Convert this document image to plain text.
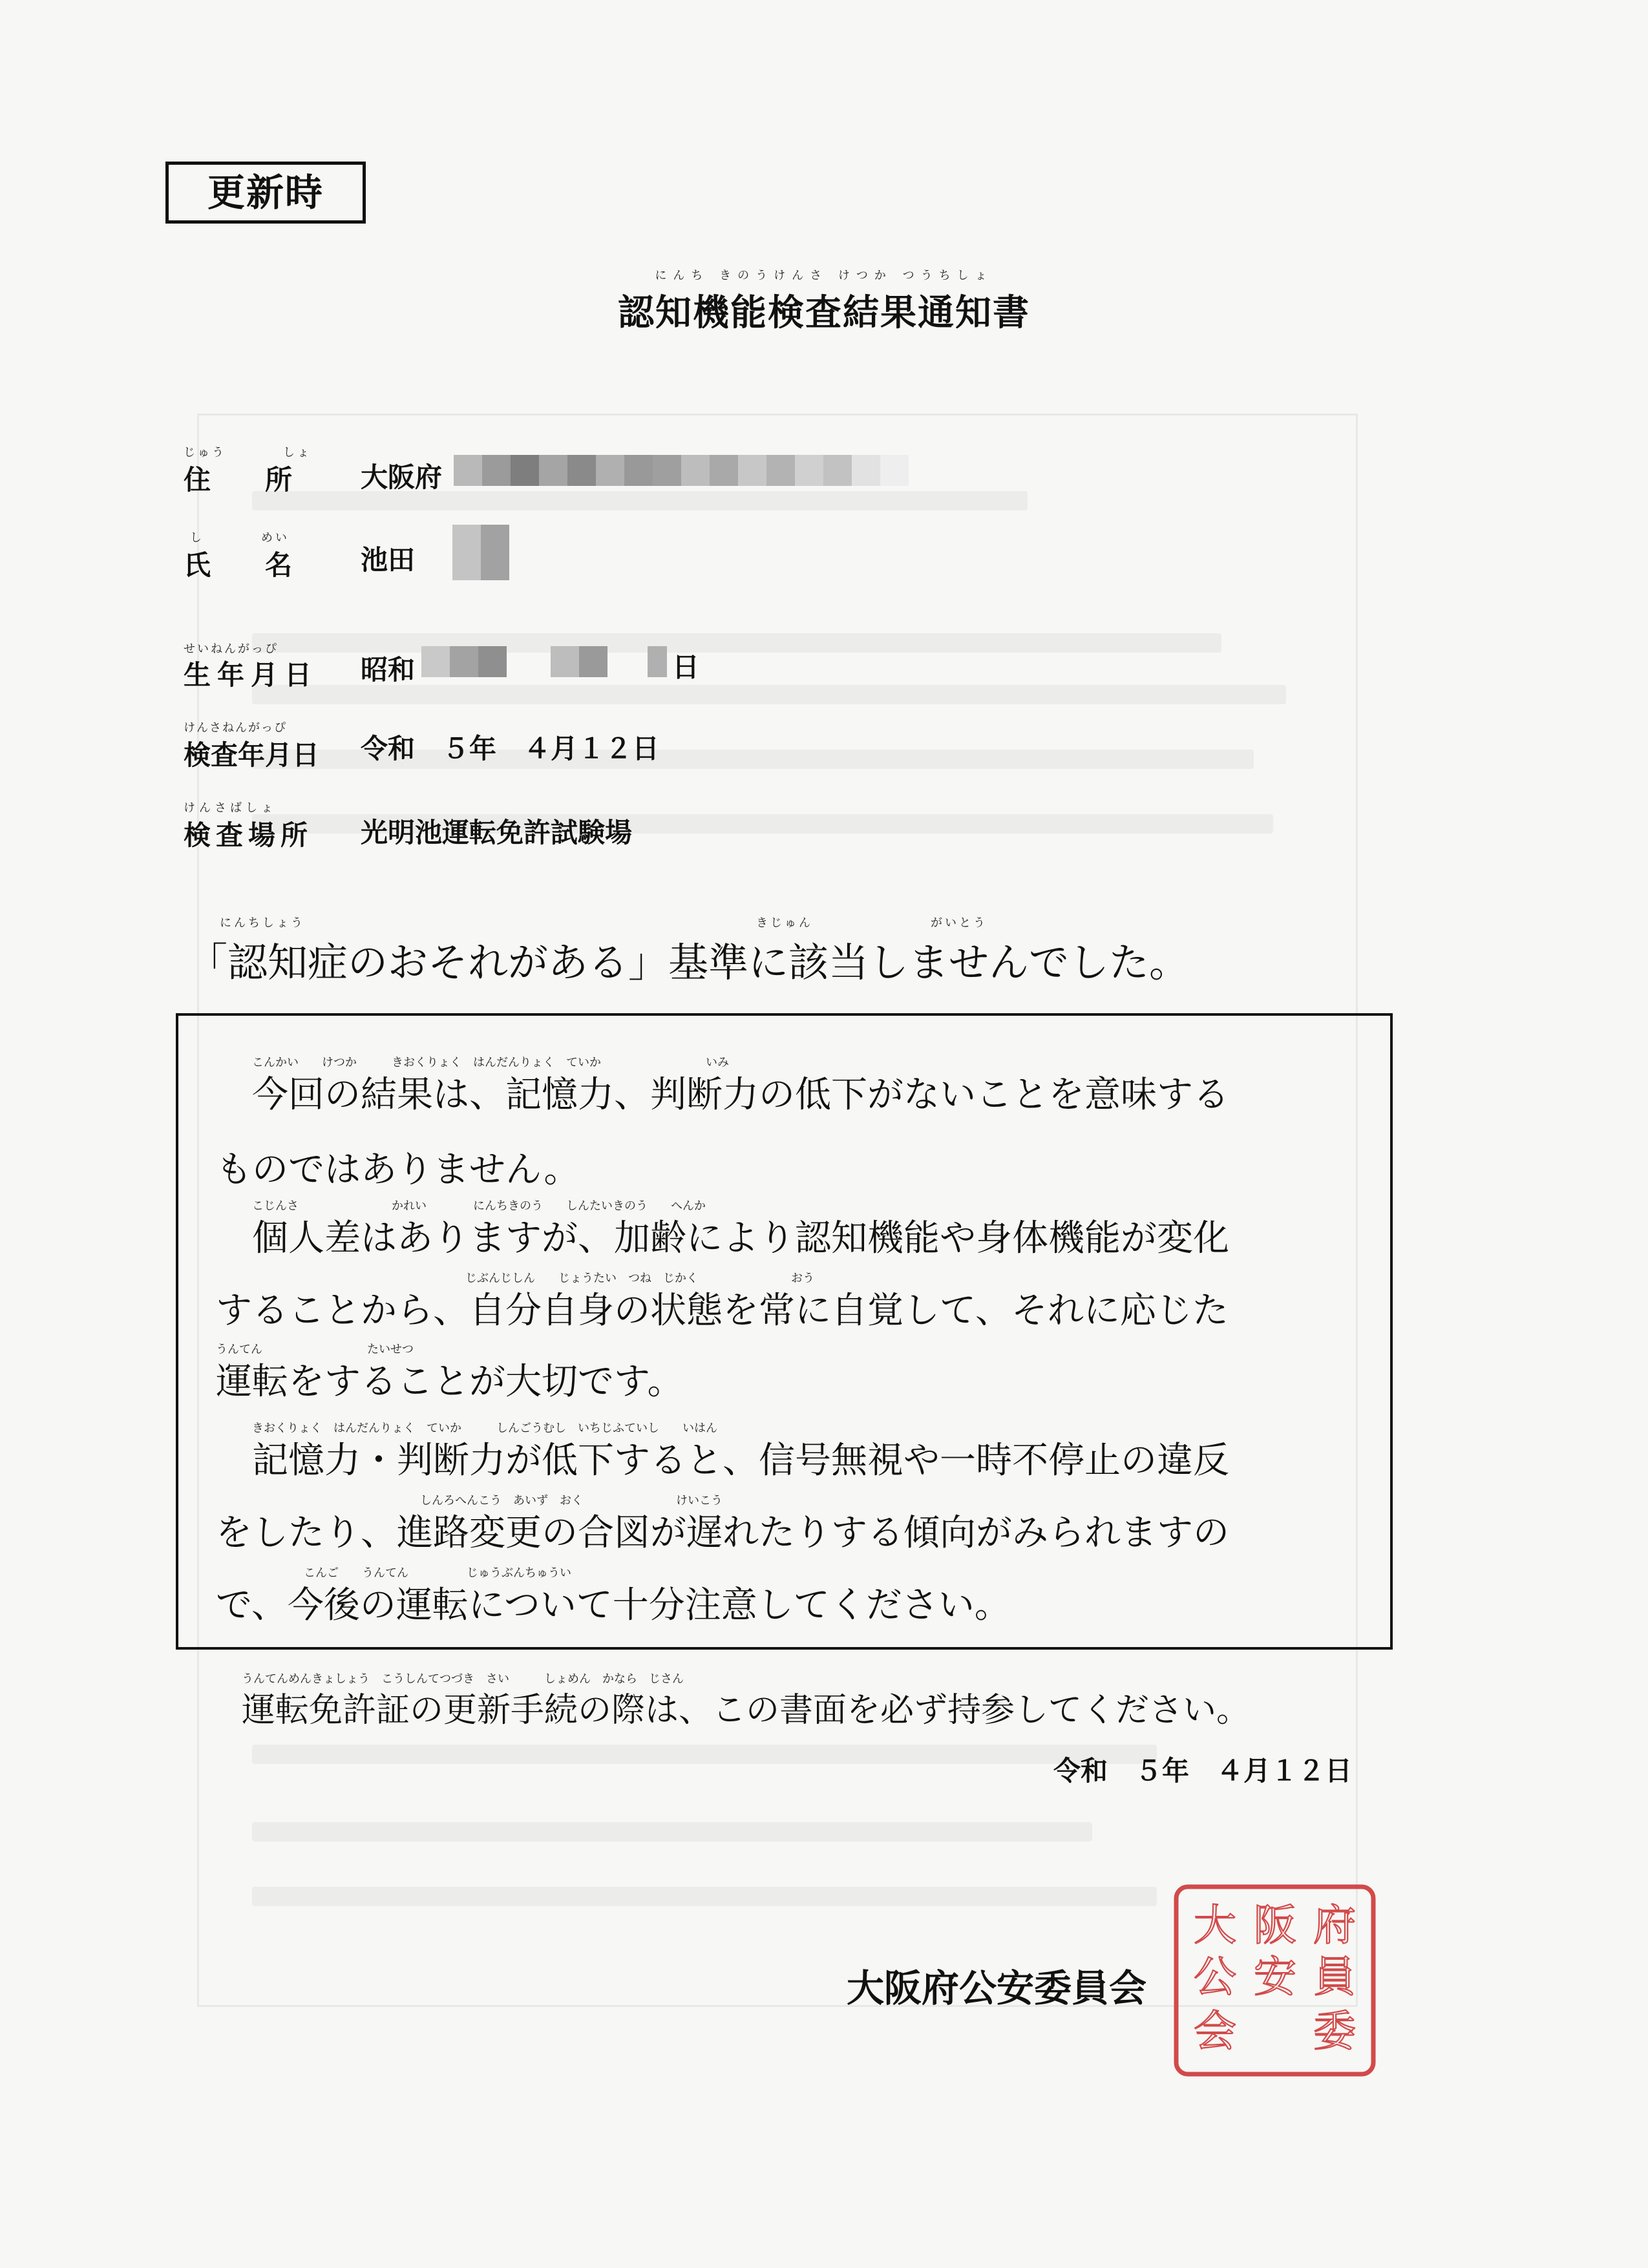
更新時
にんち きのうけんさ けつか つうちしょ
認知機能検査結果通知書
じゅう　　　　しょ
住　　所	大阪府
し　　　　めい
氏　　名	池田
せいねんがっぴ
生年月日 昭和	日
けんさねんがっぴ
検査年月日 令和　５年　４月１２日
けんさばしょ
検査場所 光明池運転免許試験場
にんちしょう	きじゅん	がいとう
「認知症のおそれがある」基準に該当しませんでした。
こんかい　　けつか　　　きおくりょく　はんだんりょく　ていか　　　　　　　　　いみ
今回の結果は、記憶力、判断力の低下がないことを意味する
ものではありません。
こじんさ　　　　　　　　かれい　　　　にんちきのう　　しんたいきのう　　へんか
個人差はありますが、加齢により認知機能や身体機能が変化
じぶんじしん　　じょうたい　つね　じかく　　　　　　　　おう
することから、自分自身の状態を常に自覚して、それに応じた
うんてん　　　　　　　　　たいせつ
運転をすることが大切です。
きおくりょく　はんだんりょく　ていか　　　しんごうむし　いちじふていし　　いはん
記憶力・判断力が低下すると、信号無視や一時不停止の違反
しんろへんこう　あいず　おく　　　　　　　　けいこう
をしたり、進路変更の合図が遅れたりする傾向がみられますの
こんご　　うんてん　　　　　じゅうぶんちゅうい
で、今後の運転について十分注意してください。
うんてんめんきょしょう　こうしんてつづき　さい　　　しょめん　かなら　じさん
運転免許証の更新手続の際は、この書面を必ず持参してください。
令和　５年　４月１２日
大阪府公安委員会
府
員
阪
委
大
安
公
会
